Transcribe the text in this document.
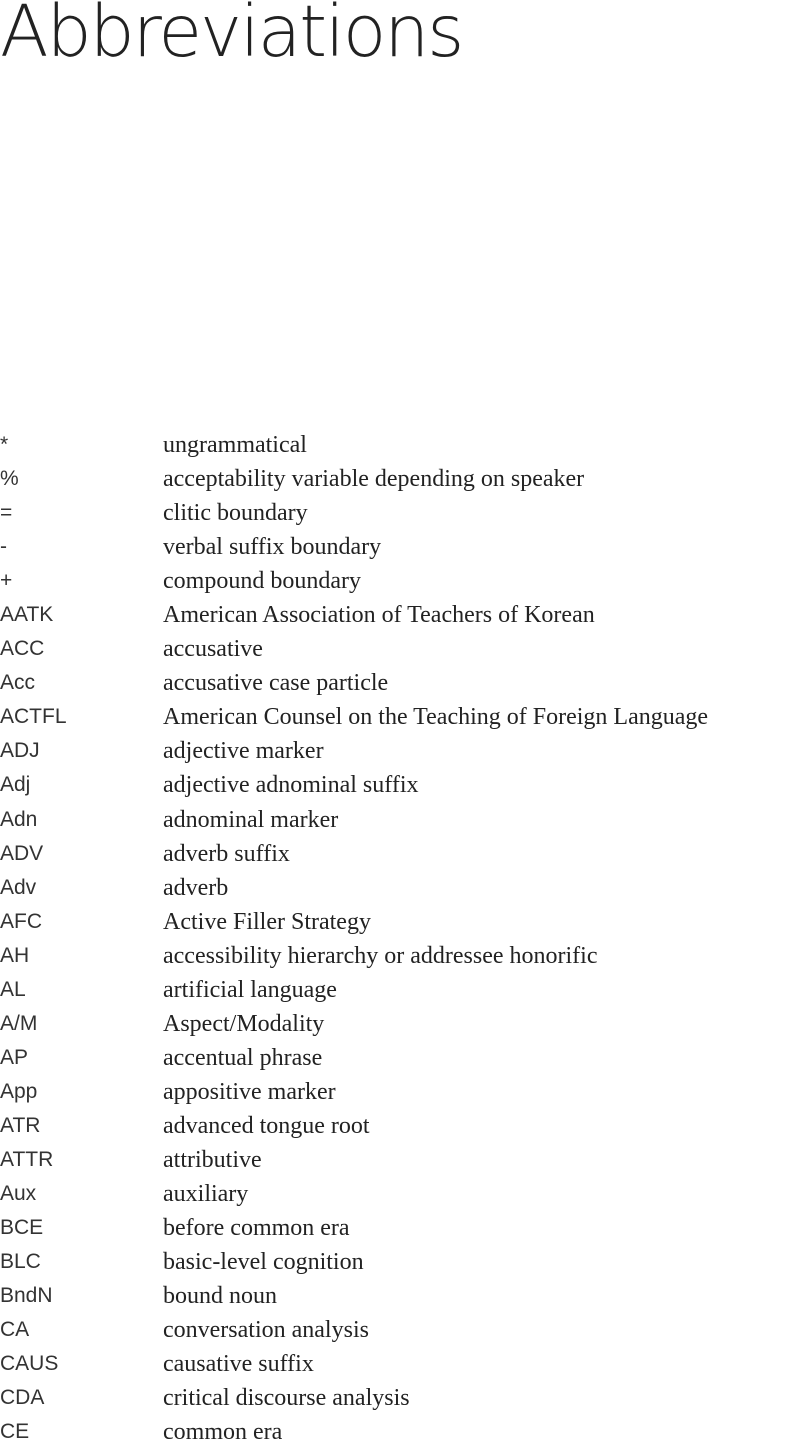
Abbreviations
*	ungrammatical
%	acceptability variable depending on speaker
=	clitic boundary
-	verbal suffix boundary
+	compound boundary
AATK	American Association of Teachers of Korean
ACC	accusative
Acc	accusative case particle
ACTFL	American Counsel on the Teaching of Foreign Language
ADJ	adjective marker
Adj	adjective adnominal suffix
Adn	adnominal marker
ADV	adverb suffix
Adv	adverb
AFC	Active Filler Strategy
AH	accessibility hierarchy or addressee honorific
AL	artificial language
A/M	Aspect/Modality
AP	accentual phrase
App	appositive marker
ATR	advanced tongue root
ATTR	attributive
Aux	auxiliary
BCE	before common era
BLC	basic-level cognition
BndN	bound noun
CA	conversation analysis
CAUS	causative suffix
CDA	critical discourse analysis
CE	common era
